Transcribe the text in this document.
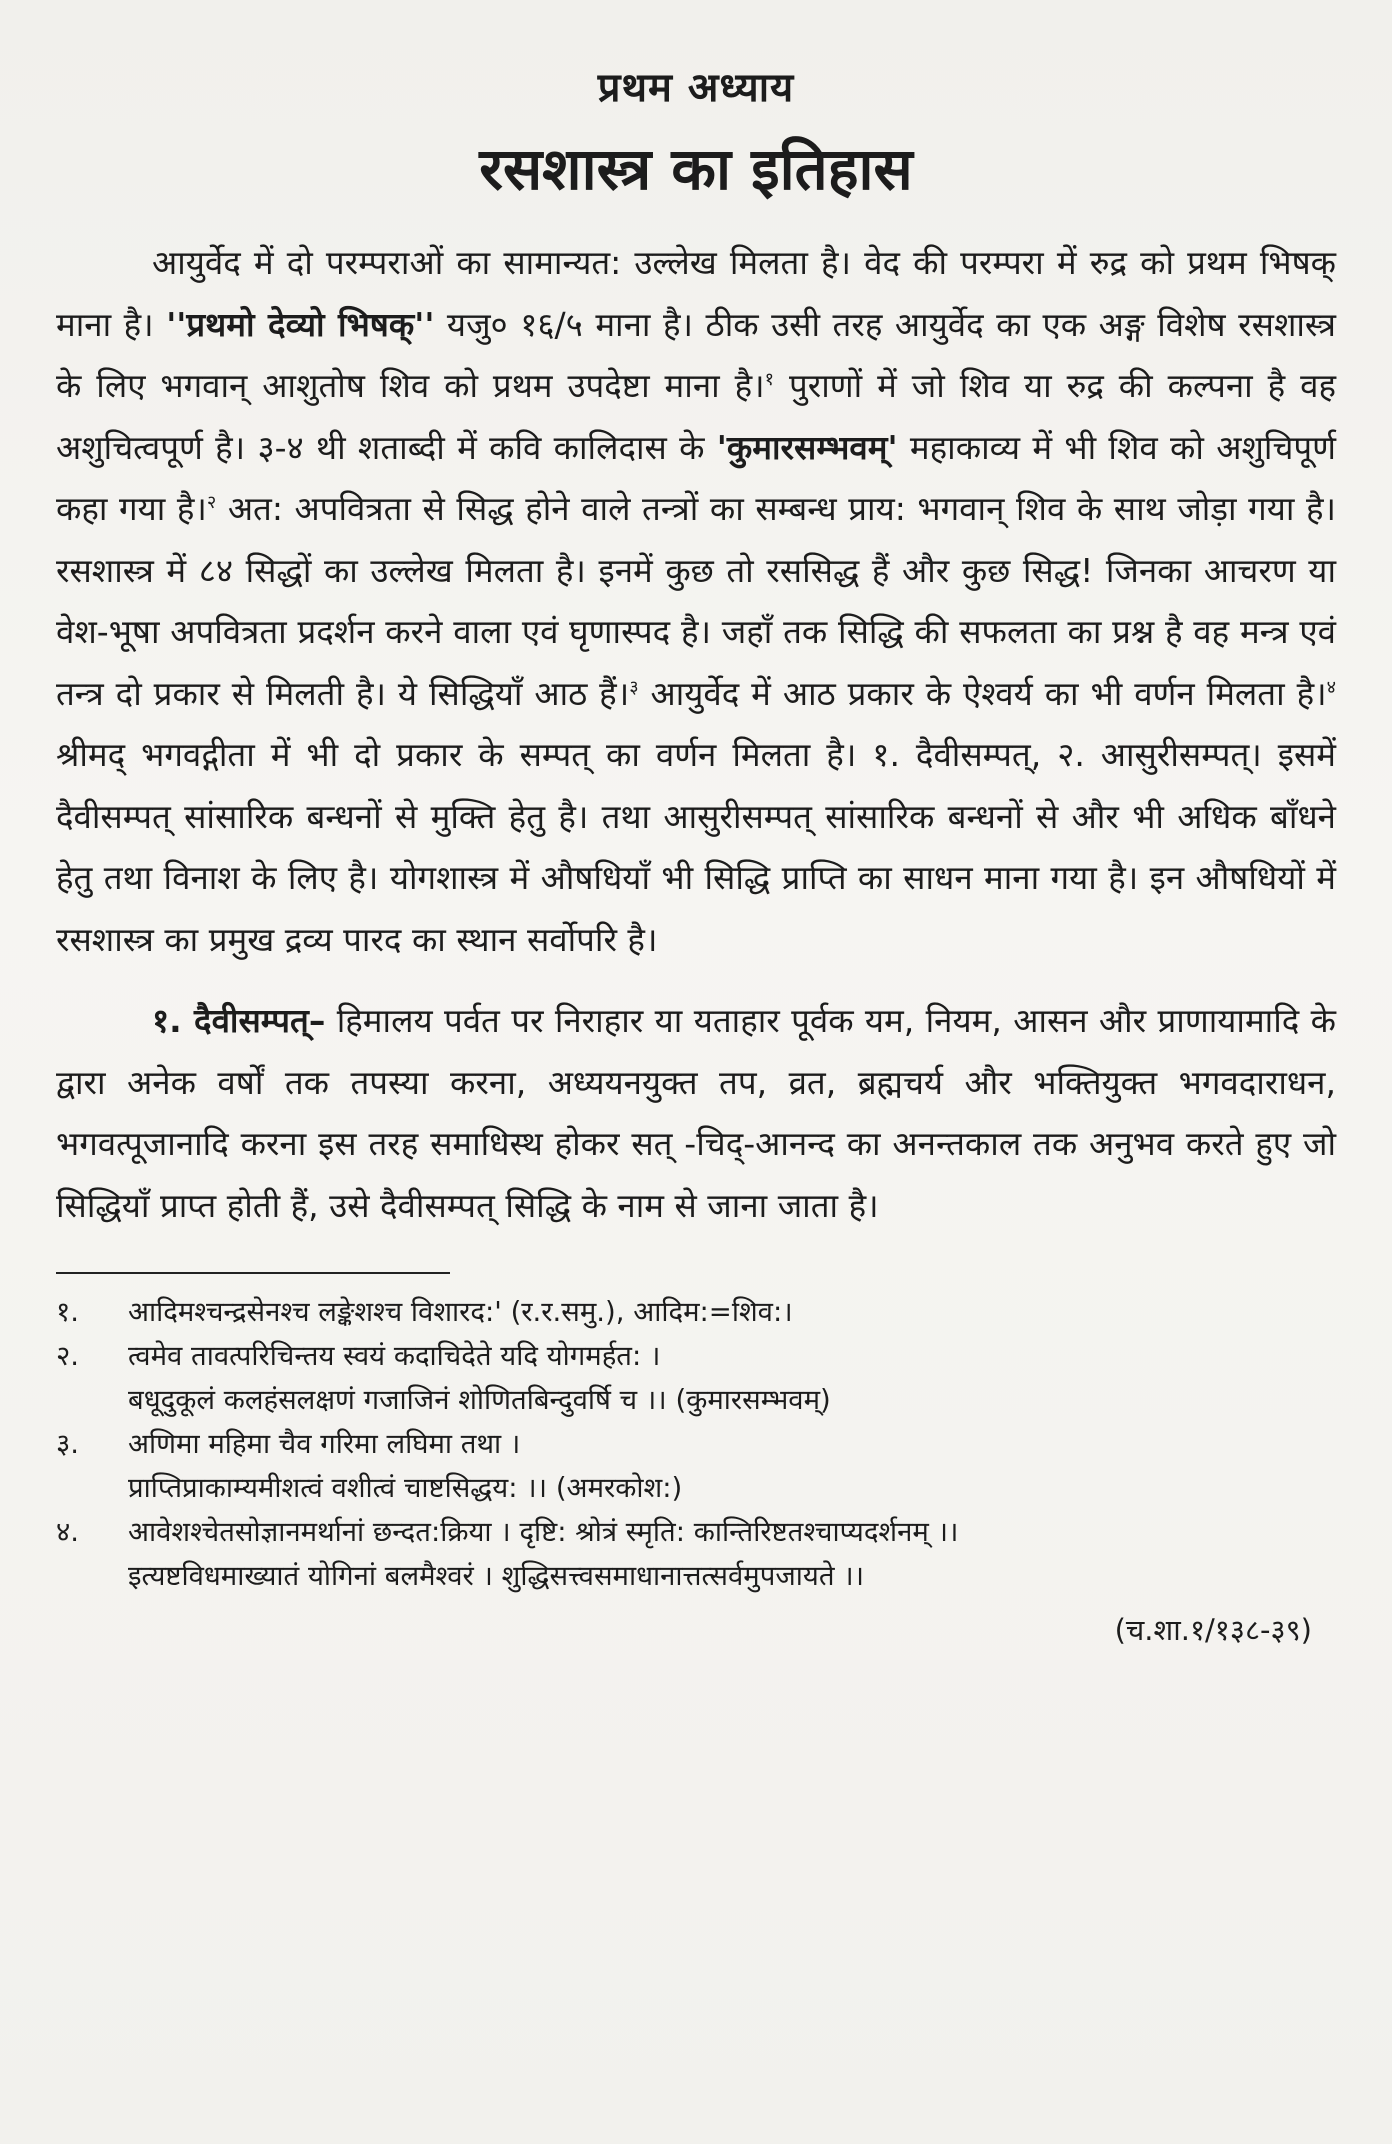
प्रथम अध्याय
रसशास्त्र का इतिहास

आयुर्वेद में दो परम्पराओं का सामान्यत: उल्लेख मिलता है। वेद की परम्परा में रुद्र को प्रथम भिषक् माना है। ''प्रथमो देव्यो भिषक्'' यजु० १६/५ माना है। ठीक उसी तरह आयुर्वेद का एक अङ्ग विशेष रसशास्त्र के लिए भगवान् आशुतोष शिव को प्रथम उपदेष्टा माना है।$^१$ पुराणों में जो शिव या रुद्र की कल्पना है वह अशुचित्वपूर्ण है। ३-४ थी शताब्दी में कवि कालिदास के 'कुमारसम्भवम्' महाकाव्य में भी शिव को अशुचिपूर्ण कहा गया है।$^२$ अत: अपवित्रता से सिद्ध होने वाले तन्त्रों का सम्बन्ध प्राय: भगवान् शिव के साथ जोड़ा गया है। रसशास्त्र में ८४ सिद्धों का उल्लेख मिलता है। इनमें कुछ तो रससिद्ध हैं और कुछ सिद्ध! जिनका आचरण या वेश-भूषा अपवित्रता प्रदर्शन करने वाला एवं घृणास्पद है। जहाँ तक सिद्धि की सफलता का प्रश्न है वह मन्त्र एवं तन्त्र दो प्रकार से मिलती है। ये सिद्धियाँ आठ हैं।$^३$ आयुर्वेद में आठ प्रकार के ऐश्वर्य का भी वर्णन मिलता है।$^४$ श्रीमद् भगवद्गीता में भी दो प्रकार के सम्पत् का वर्णन मिलता है। १. दैवीसम्पत्, २. आसुरीसम्पत्। इसमें दैवीसम्पत् सांसारिक बन्धनों से मुक्ति हेतु है। तथा आसुरीसम्पत् सांसारिक बन्धनों से और भी अधिक बाँधने हेतु तथा विनाश के लिए है। योगशास्त्र में औषधियाँ भी सिद्धि प्राप्ति का साधन माना गया है। इन औषधियों में रसशास्त्र का प्रमुख द्रव्य पारद का स्थान सर्वोपरि है।

१. दैवीसम्पत्– हिमालय पर्वत पर निराहार या यताहार पूर्वक यम, नियम, आसन और प्राणायामादि के द्वारा अनेक वर्षों तक तपस्या करना, अध्ययनयुक्त तप, व्रत, ब्रह्मचर्य और भक्तियुक्त भगवदाराधन, भगवत्पूजानादि करना इस तरह समाधिस्थ होकर सत् -चिद्-आनन्द का अनन्तकाल तक अनुभव करते हुए जो सिद्धियाँ प्राप्त होती हैं, उसे दैवीसम्पत् सिद्धि के नाम से जाना जाता है।

१. आदिमश्चन्द्रसेनश्च लङ्केशश्च विशारद:' (र.र.समु.), आदिम:=शिव:।
२. त्वमेव तावत्परिचिन्तय स्वयं कदाचिदेते यदि योगमर्हत: ।
बधूदुकूलं कलहंसलक्षणं गजाजिनं शोणितबिन्दुवर्षि च ।। (कुमारसम्भवम्)
३. अणिमा महिमा चैव गरिमा लघिमा तथा ।
प्राप्तिप्राकाम्यमीशत्वं वशीत्वं चाष्टसिद्धय: ।। (अमरकोश:)
४. आवेशश्चेतसोज्ञानमर्थानां छन्दत:क्रिया । दृष्टि: श्रोत्रं स्मृति: कान्तिरिष्टतश्चाप्यदर्शनम् ।।
इत्यष्टविधमाख्यातं योगिनां बलमैश्वरं । शुद्धिसत्त्वसमाधानात्तत्सर्वमुपजायते ।।
(च.शा.१/१३८-३९)
